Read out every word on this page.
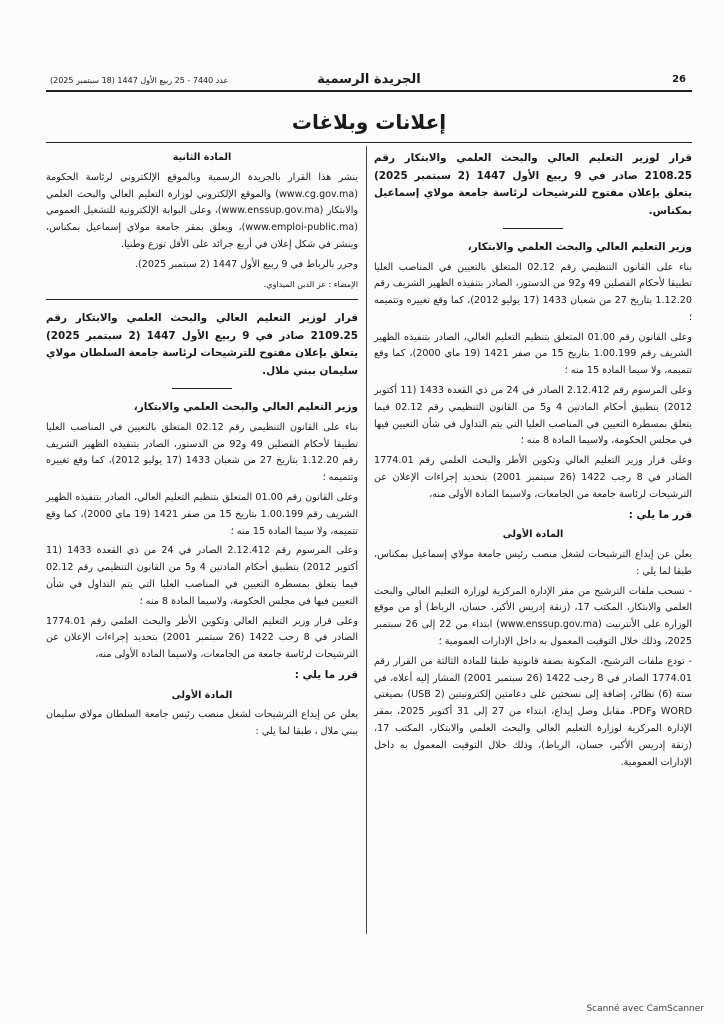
26
الجريدة الرسمية
عدد 7440 - 25 ربيع الأول 1447 (18 سبتمبر 2025)
إعلانات وبلاغات

قرار لوزير التعليم العالي والبحث العلمي والابتكار رقم 2108.25 صادر في 9 ربيع الأول 1447 (2 سبتمبر 2025) يتعلق بإعلان مفتوح للترشيحات لرئاسة جامعة مولاي إسماعيل بمكناس.

وزير التعليم العالي والبحث العلمي والابتكار،

بناء على القانون التنظيمي رقم 02.12 المتعلق بالتعيين في المناصب العليا تطبيقا لأحكام الفصلين 49 و92 من الدستور، الصادر بتنفيذه الظهير الشريف رقم 1.12.20 بتاريخ 27 من شعبان 1433 (17 يوليو 2012)، كما وقع تغييره وتتميمه ؛

وعلى القانون رقم 01.00 المتعلق بتنظيم التعليم العالي، الصادر بتنفيذه الظهير الشريف رقم 1.00.199 بتاريخ 15 من صفر 1421 (19 ماي 2000)، كما وقع تتميمه، ولا سيما المادة 15 منه ؛

وعلى المرسوم رقم 2.12.412 الصادر في 24 من ذي القعدة 1433 (11 أكتوبر 2012) بتطبيق أحكام المادتين 4 و5 من القانون التنظيمي رقم 02.12 فيما يتعلق بمسطرة التعيين في المناصب العليا التي يتم التداول في شأن التعيين فيها في مجلس الحكومة، ولاسيما المادة 8 منه ؛

وعلى قرار وزير التعليم العالي وتكوين الأطر والبحث العلمي رقم 1774.01 الصادر في 8 رجب 1422 (26 سبتمبر 2001) بتحديد إجراءات الإعلان عن الترشيحات لرئاسة جامعة من الجامعات، ولاسيما المادة الأولى منه،

قرر ما يلي :

المادة الأولى

يعلن عن إيداع الترشيحات لشغل منصب رئيس جامعة مولاي إسماعيل بمكناس، طبقا لما يلي :

- تسحب ملفات الترشيح من مقر الإدارة المركزية لوزارة التعليم العالي والبحث العلمي والابتكار، المكتب 17، (زنقة إدريس الأكبر، حسان، الرباط) أو من موقع الوزارة على الأنترنيت (www.enssup.gov.ma) ابتداء من 22 إلى 26 سبتمبر 2025، وذلك خلال التوقيت المعمول به داخل الإدارات العمومية ؛

- تودع ملفات الترشيح، المكونة بصفة قانونية طبقا للمادة الثالثة من القرار رقم 1774.01 الصادر في 8 رجب 1422 (26 سبتمبر 2001) المشار إليه أعلاه، في ستة (6) نظائر، إضافة إلى نسختين على دعامتين إلكترونيتين (2 USB) بصيغتي WORD وPDF، مقابل وصل إيداع، ابتداء من 27 إلى 31 أكتوبر 2025، بمقر الإدارة المركزية لوزارة التعليم العالي والبحث العلمي والابتكار، المكتب 17، (زنقة إدريس الأكبر، حسان، الرباط)، وذلك خلال التوقيت المعمول به داخل الإدارات العمومية.

المادة الثانية

ينشر هذا القرار بالجريدة الرسمية وبالموقع الإلكتروني لرئاسة الحكومة (www.cg.gov.ma) والموقع الإلكتروني لوزارة التعليم العالي والبحث العلمي والابتكار (www.enssup.gov.ma)، وعلى البوابة الإلكترونية للتشغيل العمومي (www.emploi-public.ma)، ويعلق بمقر جامعة مولاي إسماعيل بمكناس، وينشر في شكل إعلان في أربع جرائد على الأقل توزع وطنيا.

وحرر بالرباط في 9 ربيع الأول 1447 (2 سبتمبر 2025).

الإمضاء : عز الدين الميداوي.

قرار لوزير التعليم العالي والبحث العلمي والابتكار رقم 2109.25 صادر في 9 ربيع الأول 1447 (2 سبتمبر 2025) يتعلق بإعلان مفتوح للترشيحات لرئاسة جامعة السلطان مولاي سليمان ببني ملال.

وزير التعليم العالي والبحث العلمي والابتكار،

بناء على القانون التنظيمي رقم 02.12 المتعلق بالتعيين في المناصب العليا تطبيقا لأحكام الفصلين 49 و92 من الدستور، الصادر بتنفيذه الظهير الشريف رقم 1.12.20 بتاريخ 27 من شعبان 1433 (17 يوليو 2012)، كما وقع تغييره وتتميمه ؛

وعلى القانون رقم 01.00 المتعلق بتنظيم التعليم العالي، الصادر بتنفيذه الظهير الشريف رقم 1.00.199 بتاريخ 15 من صفر 1421 (19 ماي 2000)، كما وقع تتميمه، ولا سيما المادة 15 منه ؛

وعلى المرسوم رقم 2.12.412 الصادر في 24 من ذي القعدة 1433 (11 أكتوبر 2012) بتطبيق أحكام المادتين 4 و5 من القانون التنظيمي رقم 02.12 فيما يتعلق بمسطرة التعيين في المناصب العليا التي يتم التداول في شأن التعيين فيها في مجلس الحكومة، ولاسيما المادة 8 منه ؛

وعلى قرار وزير التعليم العالي وتكوين الأطر والبحث العلمي رقم 1774.01 الصادر في 8 رجب 1422 (26 سبتمبر 2001) بتحديد إجراءات الإعلان عن الترشيحات لرئاسة جامعة من الجامعات، ولاسيما المادة الأولى منه،

قرر ما يلي :

المادة الأولى

يعلن عن إيداع الترشيحات لشغل منصب رئيس جامعة السلطان مولاي سليمان ببني ملال ، طبقا لما يلي :

Scanné avec CamScanner
